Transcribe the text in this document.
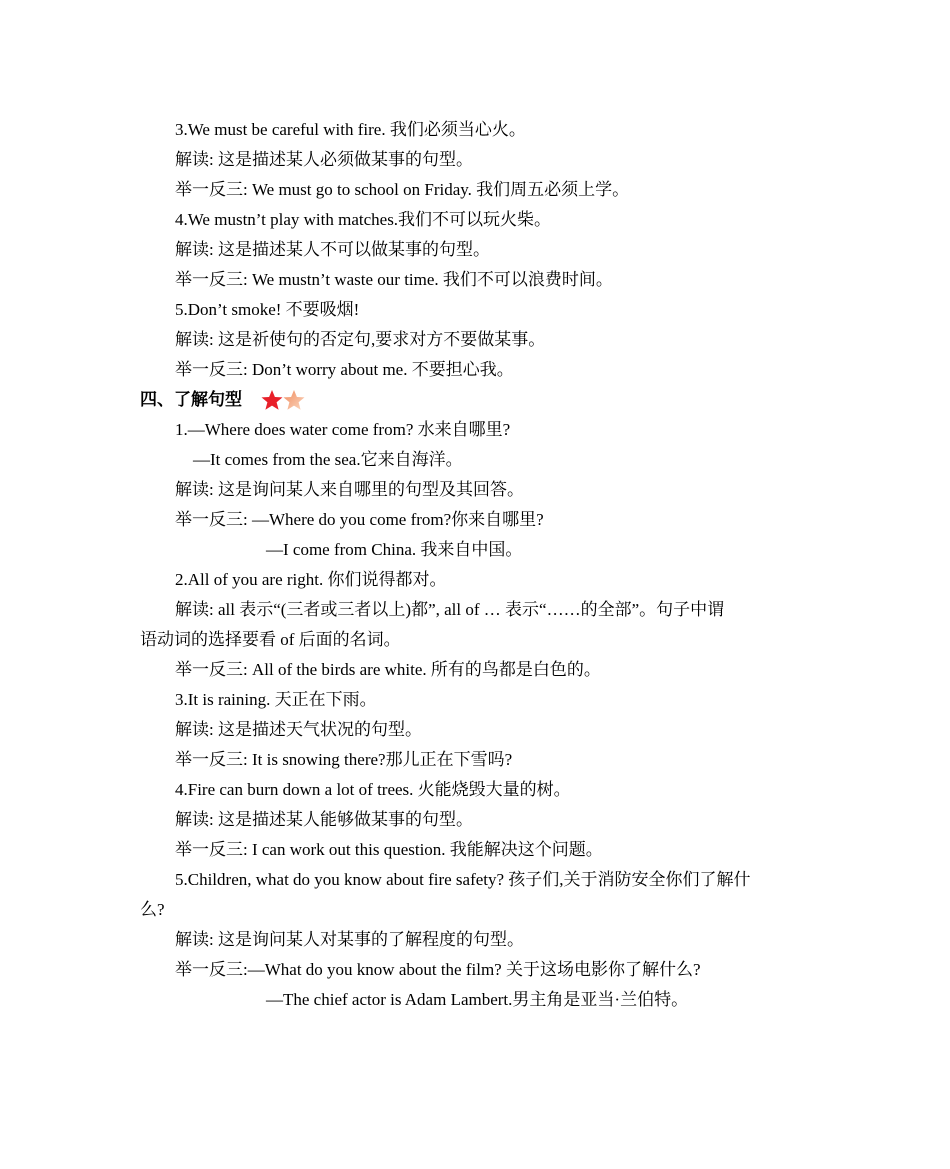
3.We must be careful with fire. 我们必须当心火。
解读: 这是描述某人必须做某事的句型。
举一反三: We must go to school on Friday. 我们周五必须上学。
4.We mustn’t play with matches.我们不可以玩火柴。
解读: 这是描述某人不可以做某事的句型。
举一反三: We mustn’t waste our time. 我们不可以浪费时间。
5.Don’t smoke! 不要吸烟!
解读: 这是祈使句的否定句,要求对方不要做某事。
举一反三: Don’t worry about me. 不要担心我。
四、了解句型
1.—Where does water come from? 水来自哪里?
—It comes from the sea.它来自海洋。
解读: 这是询问某人来自哪里的句型及其回答。
举一反三: —Where do you come from?你来自哪里?
—I come from China. 我来自中国。
2.All of you are right. 你们说得都对。
解读: all 表示“(三者或三者以上)都”, all of … 表示“……的全部”。句子中谓
语动词的选择要看 of 后面的名词。
举一反三: All of the birds are white. 所有的鸟都是白色的。
3.It is raining. 天正在下雨。
解读: 这是描述天气状况的句型。
举一反三: It is snowing there?那儿正在下雪吗?
4.Fire can burn down a lot of trees. 火能烧毁大量的树。
解读: 这是描述某人能够做某事的句型。
举一反三: I can work out this question. 我能解决这个问题。
5.Children, what do you know about fire safety? 孩子们,关于消防安全你们了解什
么?
解读: 这是询问某人对某事的了解程度的句型。
举一反三:—What do you know about the film? 关于这场电影你了解什么?
—The chief actor is Adam Lambert.男主角是亚当·兰伯特。
